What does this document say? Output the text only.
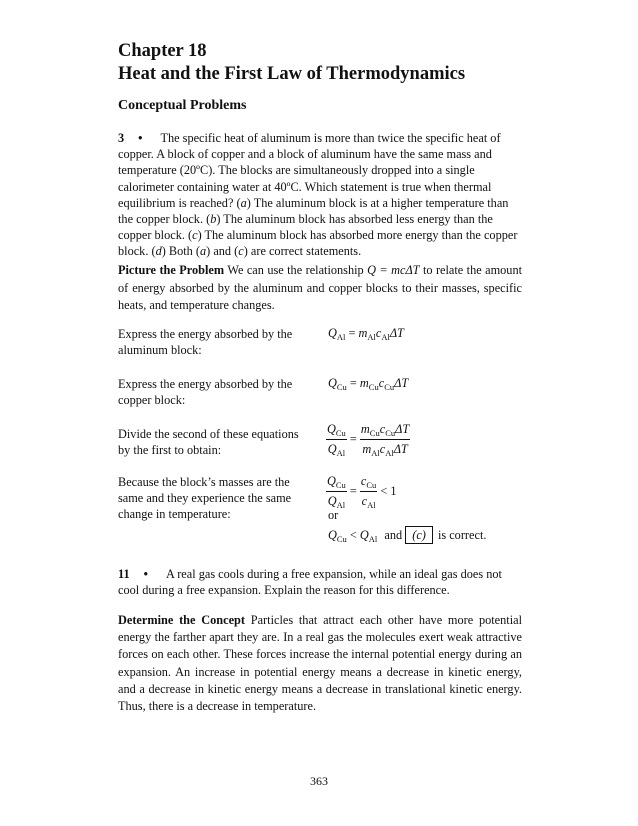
Chapter 18
Heat and the First Law of Thermodynamics
Conceptual Problems
3 • The specific heat of aluminum is more than twice the specific heat of copper. A block of copper and a block of aluminum have the same mass and temperature (20ºC). The blocks are simultaneously dropped into a single calorimeter containing water at 40ºC. Which statement is true when thermal equilibrium is reached? (a) The aluminum block is at a higher temperature than the copper block. (b) The aluminum block has absorbed less energy than the copper block. (c) The aluminum block has absorbed more energy than the copper block. (d) Both (a) and (c) are correct statements.
Picture the Problem We can use the relationship Q = mcΔT to relate the amount of energy absorbed by the aluminum and copper blocks to their masses, specific heats, and temperature changes.
Express the energy absorbed by the aluminum block:
$Q_{Al} = m_{Al}c_{Al}\Delta T$
Express the energy absorbed by the copper block:
$Q_{Cu} = m_{Cu}c_{Cu}\Delta T$
Divide the second of these equations by the first to obtain:	$\frac{Q_{Cu}}{Q_{Al}} = \frac{m_{Cu}c_{Cu}\Delta T}{m_{Al}c_{Al}\Delta T}$
Because the block’s masses are the same and they experience the same change in temperature:
$\frac{Q_{Cu}}{Q_{Al}} = \frac{c_{Cu}}{c_{Al}} < 1$
or
$Q_{Cu} < Q_{Al}$ and (c) is correct.
11 • A real gas cools during a free expansion, while an ideal gas does not cool during a free expansion. Explain the reason for this difference.
Determine the Concept Particles that attract each other have more potential energy the farther apart they are. In a real gas the molecules exert weak attractive forces on each other. These forces increase the internal potential energy during an expansion. An increase in potential energy means a decrease in kinetic energy, and a decrease in kinetic energy means a decrease in translational kinetic energy. Thus, there is a decrease in temperature.
363
